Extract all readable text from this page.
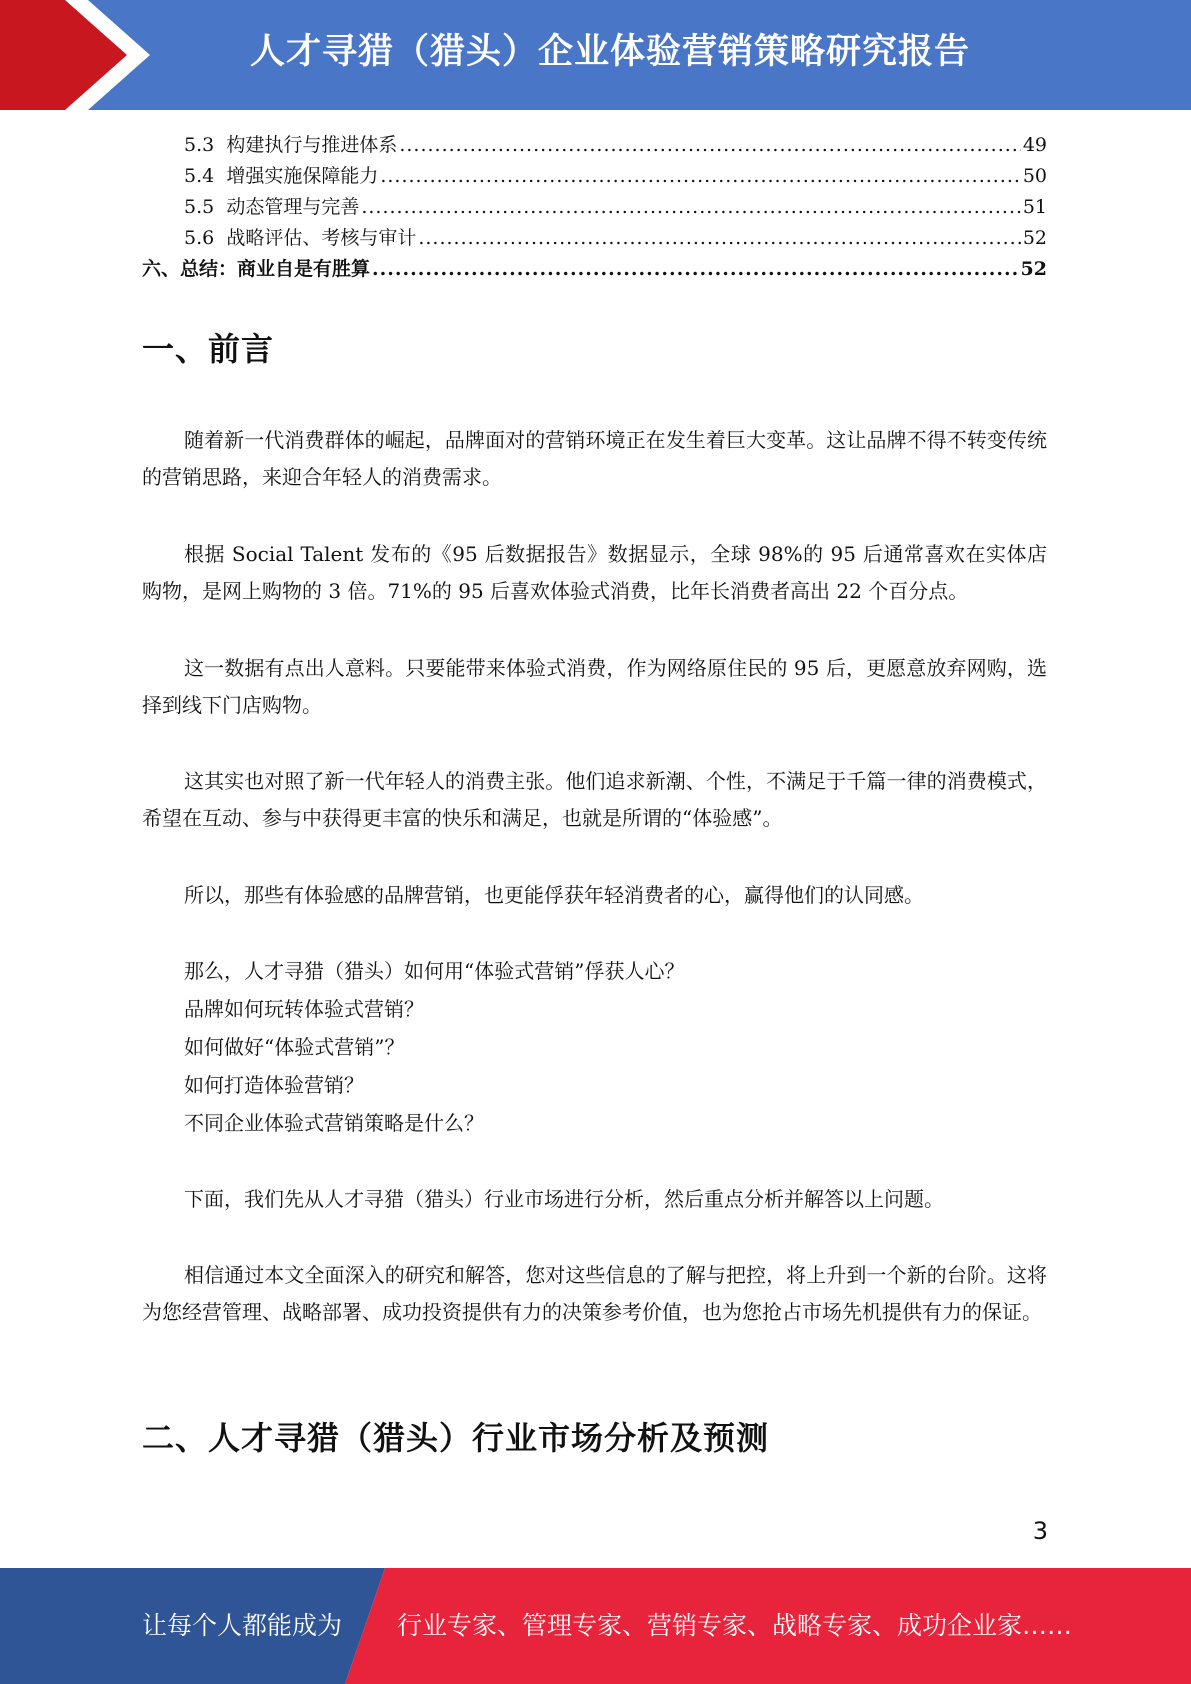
人才寻猎（猎头）企业体验营销策略研究报告
5.3 构建执行与推进体系 .....	49
5.4 增强实施保障能力 .....	50
5.5 动态管理与完善 .....	51
5.6 战略评估、考核与审计 .....	52
六、总结：商业自是有胜算 .....	52
一、前言
随着新一代消费群体的崛起，品牌面对的营销环境正在发生着巨大变革。这让品牌不得不转变传统的营销思路，来迎合年轻人的消费需求。
根据 Social Talent 发布的《95 后数据报告》数据显示，全球 98%的 95 后通常喜欢在实体店购物，是网上购物的 3 倍。71%的 95 后喜欢体验式消费，比年长消费者高出 22 个百分点。
这一数据有点出人意料。只要能带来体验式消费，作为网络原住民的 95 后，更愿意放弃网购，选择到线下门店购物。
这其实也对照了新一代年轻人的消费主张。他们追求新潮、个性，不满足于千篇一律的消费模式，希望在互动、参与中获得更丰富的快乐和满足，也就是所谓的“体验感”。
所以，那些有体验感的品牌营销，也更能俘获年轻消费者的心，赢得他们的认同感。
那么，人才寻猎（猎头）如何用“体验式营销”俘获人心？
品牌如何玩转体验式营销？
如何做好“体验式营销”？
如何打造体验营销？
不同企业体验式营销策略是什么？
下面，我们先从人才寻猎（猎头）行业市场进行分析，然后重点分析并解答以上问题。
相信通过本文全面深入的研究和解答，您对这些信息的了解与把控，将上升到一个新的台阶。这将为您经营管理、战略部署、成功投资提供有力的决策参考价值，也为您抢占市场先机提供有力的保证。
二、人才寻猎（猎头）行业市场分析及预测
3
让每个人都能成为 行业专家、管理专家、营销专家、战略专家、成功企业家……
